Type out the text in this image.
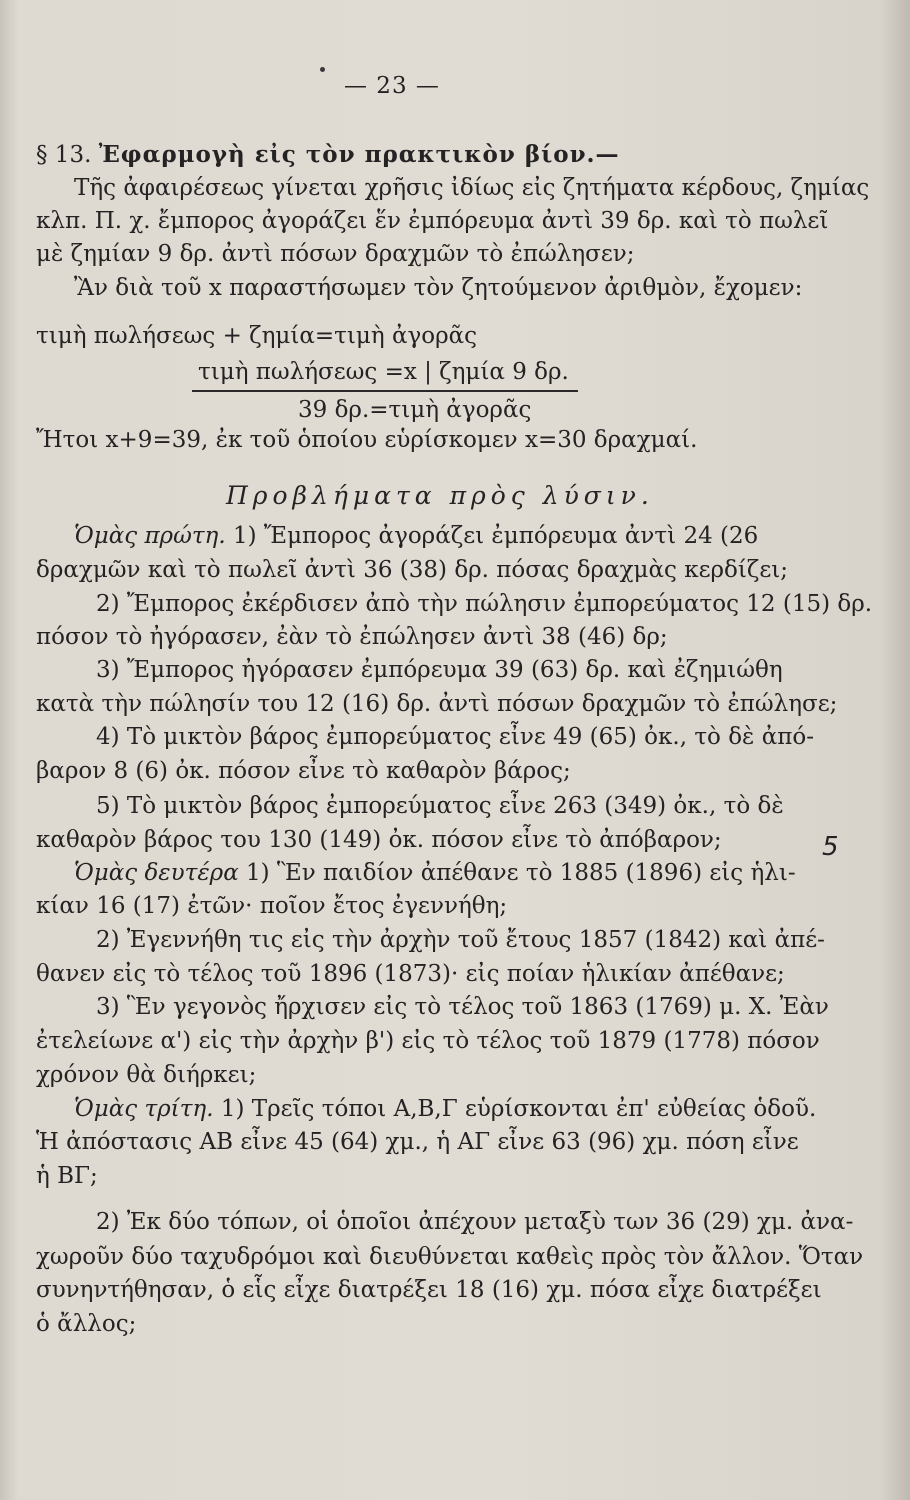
— 23 —
§ 13. Ἐφαρμογὴ εἰς τὸν πρακτικὸν βίον.—
Τῆς ἀφαιρέσεως γίνεται χρῆσις ἰδίως εἰς ζητήματα κέρδους, ζημίας
κλπ. Π. χ. ἔμπορος ἀγοράζει ἕν ἐμπόρευμα ἀντὶ 39 δρ. καὶ τὸ πωλεῖ
μὲ ζημίαν 9 δρ. ἀντὶ πόσων δραχμῶν τὸ ἐπώλησεν;
Ἂν διὰ τοῦ x παραστήσωμεν τὸν ζητούμενον ἀριθμὸν, ἔχομεν:
τιμὴ πωλήσεως + ζημία=τιμὴ ἀγορᾶς
τιμὴ πωλήσεως =x | ζημία 9 δρ.
39 δρ.=τιμὴ ἀγορᾶς
Ἤτοι x+9=39, ἐκ τοῦ ὁποίου εὑρίσκομεν x=30 δραχμαί.
Προβλήματα πρὸς λύσιν.
Ὁμὰς πρώτη. 1) Ἔμπορος ἀγοράζει ἐμπόρευμα ἀντὶ 24 (26
δραχμῶν καὶ τὸ πωλεῖ ἀντὶ 36 (38) δρ. πόσας δραχμὰς κερδίζει;
2) Ἔμπορος ἐκέρδισεν ἀπὸ τὴν πώλησιν ἐμπορεύματος 12 (15) δρ.
πόσον τὸ ἠγόρασεν, ἐὰν τὸ ἐπώλησεν ἀντὶ 38 (46) δρ;
3) Ἔμπορος ἠγόρασεν ἐμπόρευμα 39 (63) δρ. καὶ ἐζημιώθη
κατὰ τὴν πώλησίν του 12 (16) δρ. ἀντὶ πόσων δραχμῶν τὸ ἐπώλησε;
4) Τὸ μικτὸν βάρος ἐμπορεύματος εἶνε 49 (65) ὀκ., τὸ δὲ ἀπό-
βαρον 8 (6) ὀκ. πόσον εἶνε τὸ καθαρὸν βάρος;
5) Τὸ μικτὸν βάρος ἐμπορεύματος εἶνε 263 (349) ὀκ., τὸ δὲ
καθαρὸν βάρος του 130 (149) ὀκ. πόσον εἶνε τὸ ἀπόβαρον;	5
Ὁμὰς δευτέρα 1) Ἓν παιδίον ἀπέθανε τὸ 1885 (1896) εἰς ἡλι-
κίαν 16 (17) ἐτῶν· ποῖον ἔτος ἐγεννήθη;
2) Ἐγεννήθη τις εἰς τὴν ἀρχὴν τοῦ ἔτους 1857 (1842) καὶ ἀπέ-
θανεν εἰς τὸ τέλος τοῦ 1896 (1873)· εἰς ποίαν ἡλικίαν ἀπέθανε;
3) Ἓν γεγονὸς ἤρχισεν εἰς τὸ τέλος τοῦ 1863 (1769) μ. Χ. Ἐὰν
ἐτελείωνε α') εἰς τὴν ἀρχὴν β') εἰς τὸ τέλος τοῦ 1879 (1778) πόσον
χρόνον θὰ διήρκει;
Ὁμὰς τρίτη. 1) Τρεῖς τόποι Α,Β,Γ εὑρίσκονται ἐπ' εὐθείας ὁδοῦ.
Ἡ ἀπόστασις ΑΒ εἶνε 45 (64) χμ., ἡ ΑΓ εἶνε 63 (96) χμ. πόση εἶνε
ἡ ΒΓ;
2) Ἐκ δύο τόπων, οἱ ὁποῖοι ἀπέχουν μεταξὺ των 36 (29) χμ. ἀνα-
χωροῦν δύο ταχυδρόμοι καὶ διευθύνεται καθεὶς πρὸς τὸν ἄλλον. Ὅταν
συνηντήθησαν, ὁ εἷς εἶχε διατρέξει 18 (16) χμ. πόσα εἶχε διατρέξει
ὁ ἄλλος;
